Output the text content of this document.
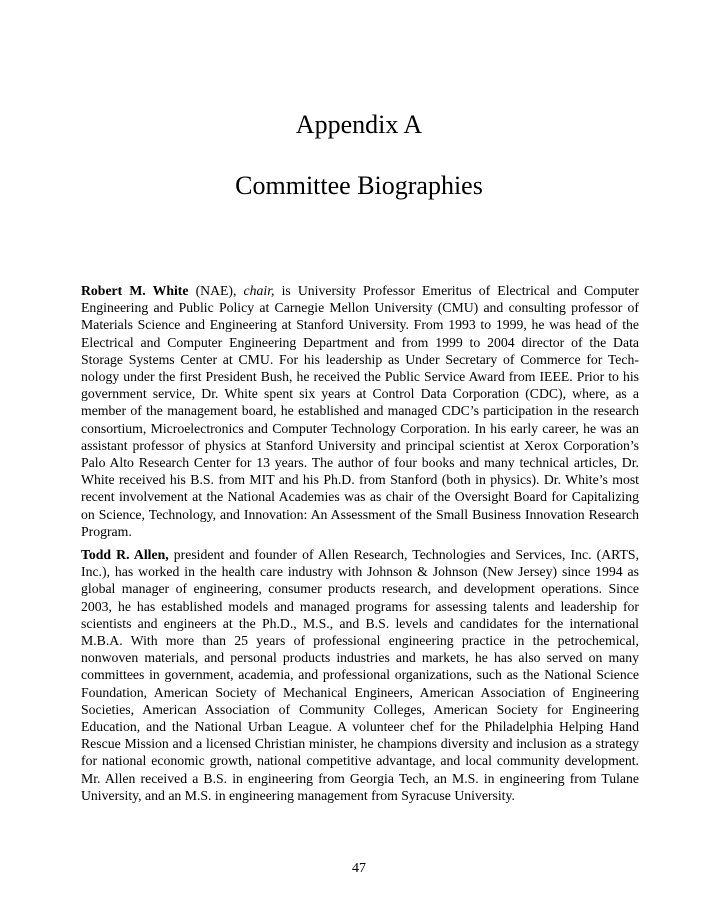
Appendix A
Committee Biographies

Robert M. White (NAE), chair, is University Professor Emeritus of Electrical and Computer Engineering and Public Policy at Carnegie Mellon University (CMU) and consulting professor of Materials Science and Engineering at Stanford University. From 1993 to 1999, he was head of the Electrical and Computer Engineering Department and from 1999 to 2004 director of the Data Storage Systems Center at CMU. For his leadership as Under Secretary of Commerce for Technology under the first President Bush, he received the Public Service Award from IEEE. Prior to his government service, Dr. White spent six years at Control Data Corporation (CDC), where, as a member of the management board, he established and managed CDC’s participation in the research consortium, Microelectronics and Computer Technology Corporation. In his early career, he was an assistant professor of physics at Stanford University and principal scientist at Xerox Corporation’s Palo Alto Research Center for 13 years. The author of four books and many technical articles, Dr. White received his B.S. from MIT and his Ph.D. from Stanford (both in physics). Dr. White’s most recent involvement at the National Academies was as chair of the Oversight Board for Capitalizing on Science, Technology, and Innovation: An Assessment of the Small Business Innovation Research Program.

Todd R. Allen, president and founder of Allen Research, Technologies and Services, Inc. (ARTS, Inc.), has worked in the health care industry with Johnson & Johnson (New Jersey) since 1994 as global manager of engineering, consumer products research, and development operations. Since 2003, he has established models and managed programs for assessing talents and leadership for scientists and engineers at the Ph.D., M.S., and B.S. levels and candidates for the international M.B.A. With more than 25 years of professional engineering practice in the petrochemical, nonwoven materials, and personal products industries and markets, he has also served on many committees in government, academia, and professional organizations, such as the National Science Foundation, American Society of Mechanical Engineers, American Association of Engineering Societies, American Association of Community Colleges, American Society for Engineering Education, and the National Urban League. A volunteer chef for the Philadelphia Helping Hand Rescue Mission and a licensed Christian minister, he champions diversity and inclusion as a strategy for national economic growth, national competitive advantage, and local community development. Mr. Allen received a B.S. in engineering from Georgia Tech, an M.S. in engineering from Tulane University, and an M.S. in engineering management from Syracuse University.

47
